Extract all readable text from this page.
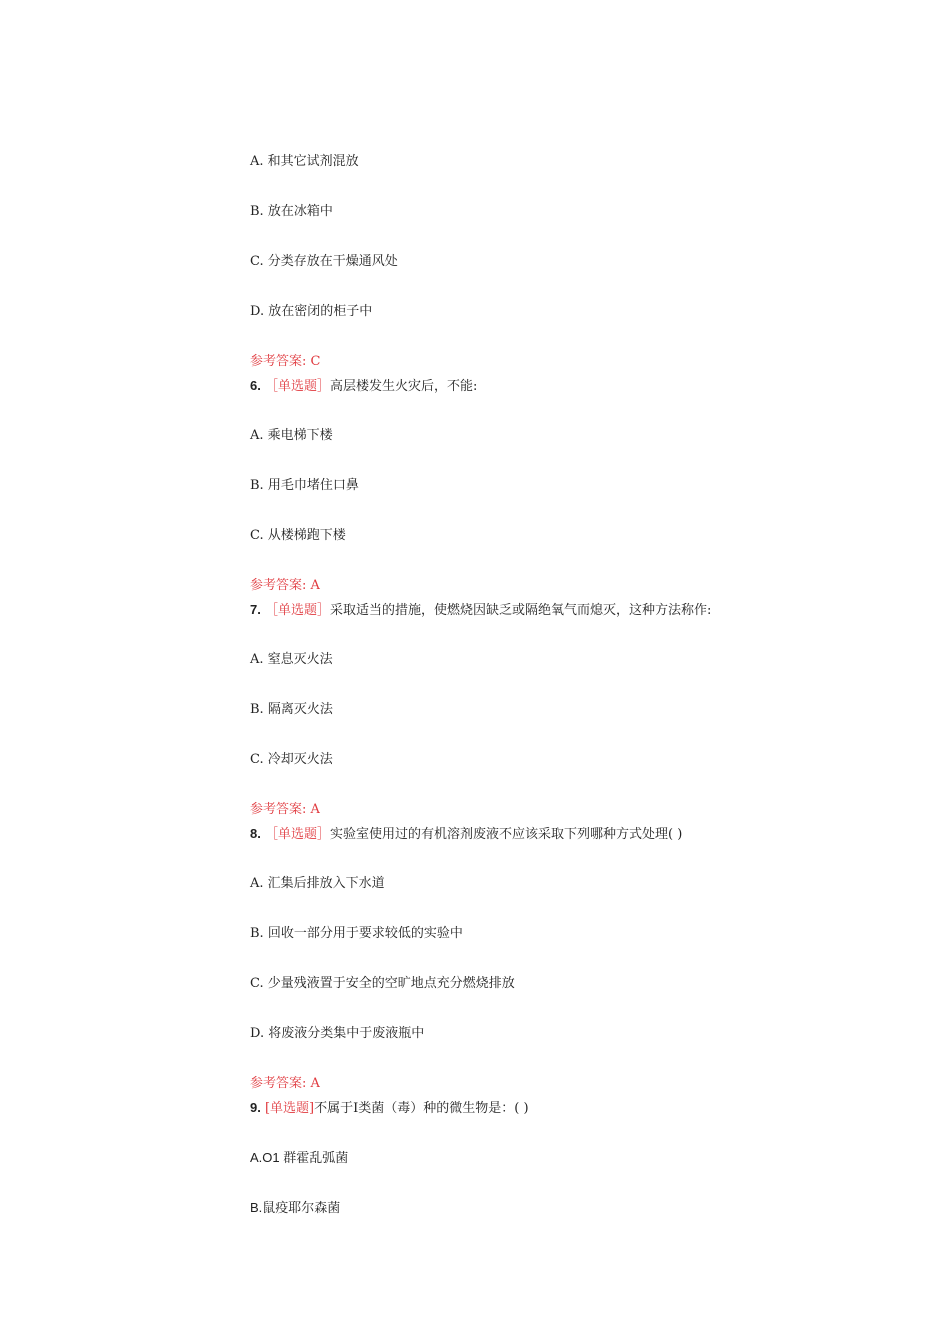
A. 和其它试剂混放
B. 放在冰箱中
C. 分类存放在干燥通风处
D. 放在密闭的柜子中
参考答案: C
6. ［单选题］高层楼发生火灾后，不能:
A. 乘电梯下楼
B. 用毛巾堵住口鼻
C. 从楼梯跑下楼
参考答案: A
7. ［单选题］采取适当的措施，使燃烧因缺乏或隔绝氧气而熄灭，这种方法称作:
A. 窒息灭火法
B. 隔离灭火法
C. 冷却灭火法
参考答案: A
8. ［单选题］实验室使用过的有机溶剂废液不应该采取下列哪种方式处理( )
A. 汇集后排放入下水道
B. 回收一部分用于要求较低的实验中
C. 少量残液置于安全的空旷地点充分燃烧排放
D. 将废液分类集中于废液瓶中
参考答案: A
9. [单选题]不属于Ⅰ类菌（毒）种的微生物是：( )
A.O1 群霍乱弧菌
B.鼠疫耶尔森菌
